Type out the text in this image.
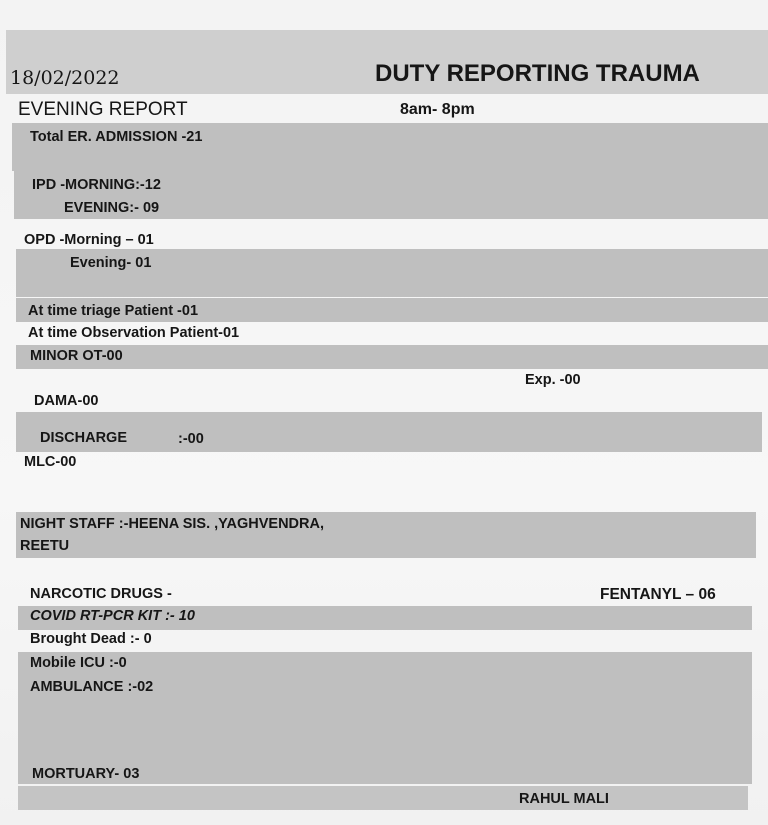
18/02/2022	DUTY REPORTING TRAUMA
EVENING REPORT	8am- 8pm
Total ER. ADMISSION -21
IPD -MORNING:-12
EVENING:- 09
OPD -Morning – 01
Evening- 01
At time triage Patient -01
At time Observation Patient-01
MINOR OT-00
Exp. -00
DAMA-00
DISCHARGE	:-00
MLC-00
NIGHT STAFF :-HEENA SIS. ,YAGHVENDRA,
REETU
NARCOTIC DRUGS -	FENTANYL – 06
COVID RT-PCR KIT :- 10
Brought Dead :- 0
Mobile ICU :-0
AMBULANCE :-02
MORTUARY- 03
RAHUL MALI
